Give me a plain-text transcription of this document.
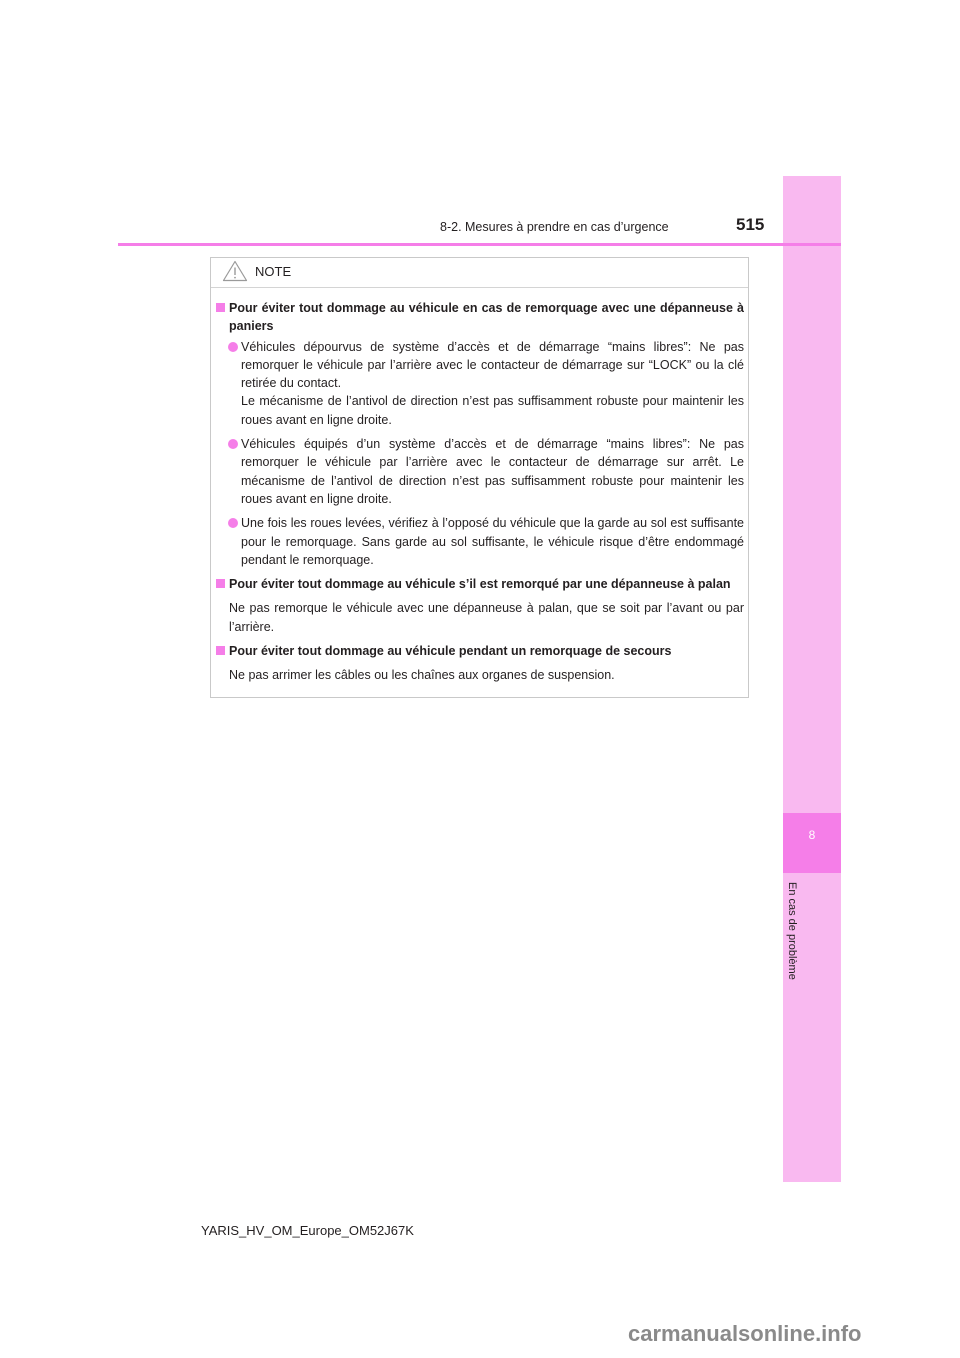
8
En cas de problème
8-2. Mesures à prendre en cas d’urgence	515
NOTE
Pour éviter tout dommage au véhicule en cas de remorquage avec une dépanneuse à paniers

Véhicules dépourvus de système d’accès et de démarrage “mains libres”: Ne pas remorquer le véhicule par l’arrière avec le contacteur de démarrage sur “LOCK” ou la clé retirée du contact.

Le mécanisme de l’antivol de direction n’est pas suffisamment robuste pour maintenir les roues avant en ligne droite.

Véhicules équipés d’un système d’accès et de démarrage “mains libres”: Ne pas remorquer le véhicule par l’arrière avec le contacteur de démarrage sur arrêt. Le mécanisme de l’antivol de direction n’est pas suffisamment robuste pour maintenir les roues avant en ligne droite.

Une fois les roues levées, vérifiez à l’opposé du véhicule que la garde au sol est suffisante pour le remorquage. Sans garde au sol suffisante, le véhicule risque d’être endommagé pendant le remorquage.

Pour éviter tout dommage au véhicule s’il est remorqué par une dépanneuse à palan
Ne pas remorque le véhicule avec une dépanneuse à palan, que se soit par l’avant ou par l’arrière.
Pour éviter tout dommage au véhicule pendant un remorquage de secours
Ne pas arrimer les câbles ou les chaînes aux organes de suspension.
YARIS_HV_OM_Europe_OM52J67K
carmanualsonline.info
